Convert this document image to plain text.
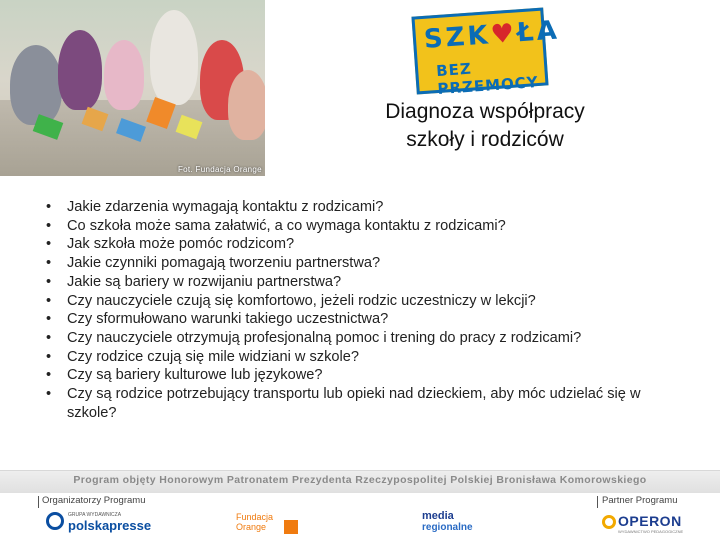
Fot. Fundacja Orange
SZK♥ŁA
BEZ PRZEMOCY
Diagnoza współpracy
szkoły i rodziców
• Jakie zdarzenia wymagają kontaktu z rodzicami?
• Co szkoła może sama załatwić, a co wymaga kontaktu z rodzicami?
• Jak szkoła może pomóc rodzicom?
• Jakie czynniki pomagają tworzeniu partnerstwa?
• Jakie są bariery w rozwijaniu partnerstwa?
• Czy nauczyciele czują się komfortowo, jeżeli rodzic uczestniczy w lekcji?
• Czy sformułowano warunki takiego uczestnictwa?
• Czy nauczyciele otrzymują profesjonalną pomoc i trening do pracy z rodzicami?
• Czy rodzice czują się mile widziani w szkole?
• Czy są bariery kulturowe lub językowe?
• Czy są rodzice potrzebujący transportu lub opieki nad dzieckiem, aby móc udzielać się w szkole?
Program objęty Honorowym Patronatem Prezydenta Rzeczypospolitej Polskiej Bronisława Komorowskiego
Organizatorzy Programu	Partner Programu
GRUPA WYDAWNICZA
polskapresse
Fundacja
Orange
media
regionalne	OPERON
WYDAWNICTWO PEDAGOGICZNE
